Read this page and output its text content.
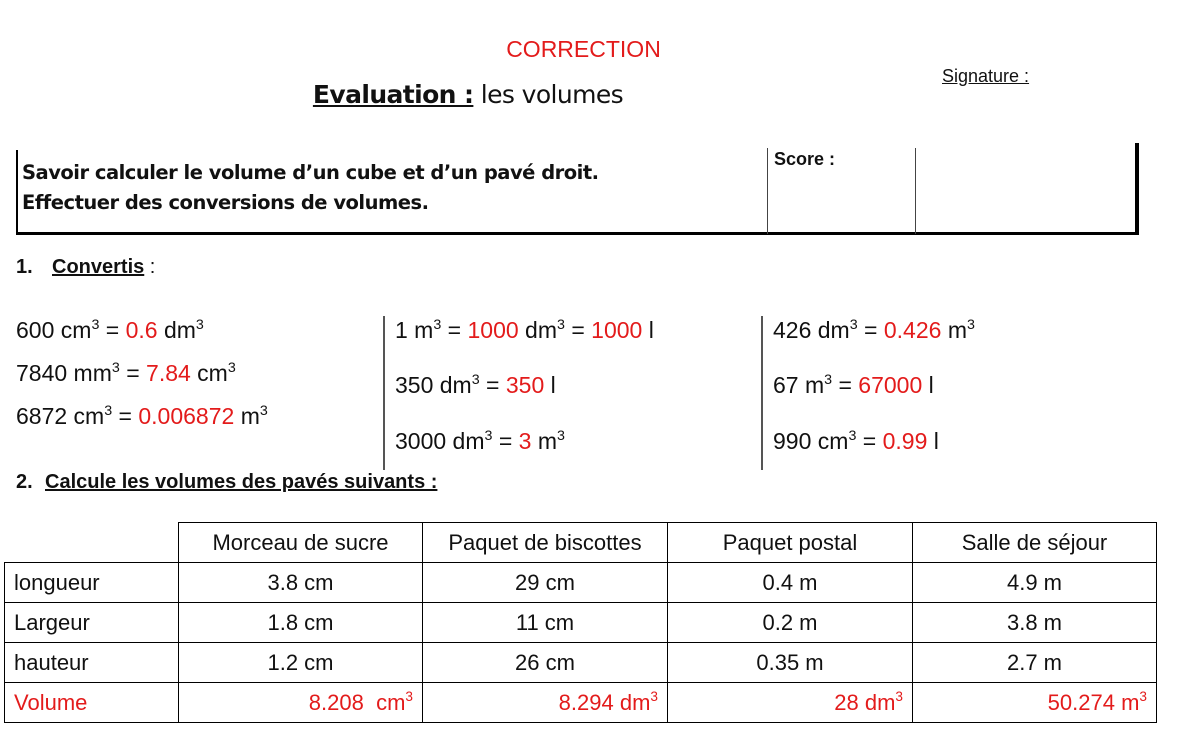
CORRECTION
Evaluation : les volumes
Signature :
Savoir calculer le volume d’un cube et d’un pavé droit.
Effectuer des conversions de volumes.
Score :
1. Convertis :
600 $cm^3 = 0.6$ $dm^3$
7840 $mm^3 = 7.84$ $cm^3$
6872 $cm^3 = 0.006872$ $m^3$
1 $m^3 = 1000$ $dm^3 = 1000$ l
350 $dm^3 = 350$ l
3000 $dm^3 = 3$ $m^3$
426 $dm^3 = 0.426$ $m^3$
67 $m^3 = 67000$ l
990 $cm^3 = 0.99$ l
2. Calcule les volumes des pavés suivants :
	Morceau de sucre	Paquet de biscottes	Paquet postal	Salle de séjour
longueur	3.8 cm	29 cm	0.4 m	4.9 m
Largeur	1.8 cm	11 cm	0.2 m	3.8 m
hauteur	1.2 cm	26 cm	0.35 m	2.7 m
Volume	8.208 $cm^3$	8.294 $dm^3$	28 $dm^3$	50.274 $m^3$
